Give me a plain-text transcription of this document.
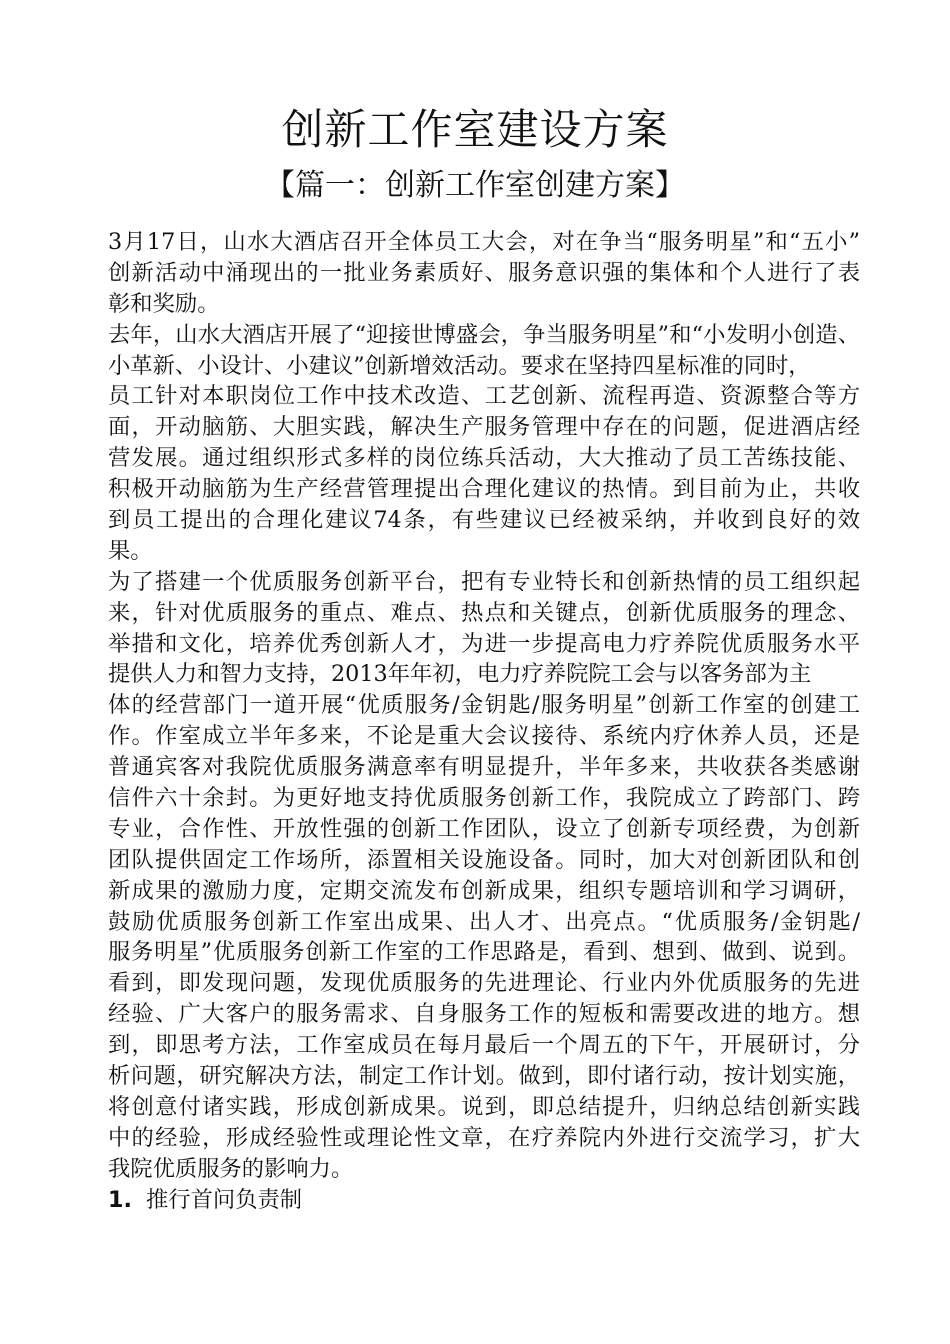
创新工作室建设方案
【篇一：创新工作室创建方案】
3月17日，山水大酒店召开全体员工大会，对在争当“服务明星”和“五小”
创新活动中涌现出的一批业务素质好、服务意识强的集体和个人进行了表
彰和奖励。
去年，山水大酒店开展了“迎接世博盛会，争当服务明星”和“小发明小创造、
小革新、小设计、小建议”创新增效活动。要求在坚持四星标准的同时，
员工针对本职岗位工作中技术改造、工艺创新、流程再造、资源整合等方
面，开动脑筋、大胆实践，解决生产服务管理中存在的问题，促进酒店经
营发展。通过组织形式多样的岗位练兵活动，大大推动了员工苦练技能、
积极开动脑筋为生产经营管理提出合理化建议的热情。到目前为止，共收
到员工提出的合理化建议74条，有些建议已经被采纳，并收到良好的效
果。
为了搭建一个优质服务创新平台，把有专业特长和创新热情的员工组织起
来，针对优质服务的重点、难点、热点和关键点，创新优质服务的理念、
举措和文化，培养优秀创新人才，为进一步提高电力疗养院优质服务水平
提供人力和智力支持，2013年年初，电力疗养院院工会与以客务部为主
体的经营部门一道开展“优质服务/金钥匙/服务明星”创新工作室的创建工
作。作室成立半年多来，不论是重大会议接待、系统内疗休养人员，还是
普通宾客对我院优质服务满意率有明显提升，半年多来，共收获各类感谢
信件六十余封。为更好地支持优质服务创新工作，我院成立了跨部门、跨
专业，合作性、开放性强的创新工作团队，设立了创新专项经费，为创新
团队提供固定工作场所，添置相关设施设备。同时，加大对创新团队和创
新成果的激励力度，定期交流发布创新成果，组织专题培训和学习调研，
鼓励优质服务创新工作室出成果、出人才、出亮点。“优质服务/金钥匙/
服务明星”优质服务创新工作室的工作思路是，看到、想到、做到、说到。
看到，即发现问题，发现优质服务的先进理论、行业内外优质服务的先进
经验、广大客户的服务需求、自身服务工作的短板和需要改进的地方。想
到，即思考方法，工作室成员在每月最后一个周五的下午，开展研讨，分
析问题，研究解决方法，制定工作计划。做到，即付诸行动，按计划实施，
将创意付诸实践，形成创新成果。说到，即总结提升，归纳总结创新实践
中的经验，形成经验性或理论性文章，在疗养院内外进行交流学习，扩大
我院优质服务的影响力。
1. 推行首问负责制
